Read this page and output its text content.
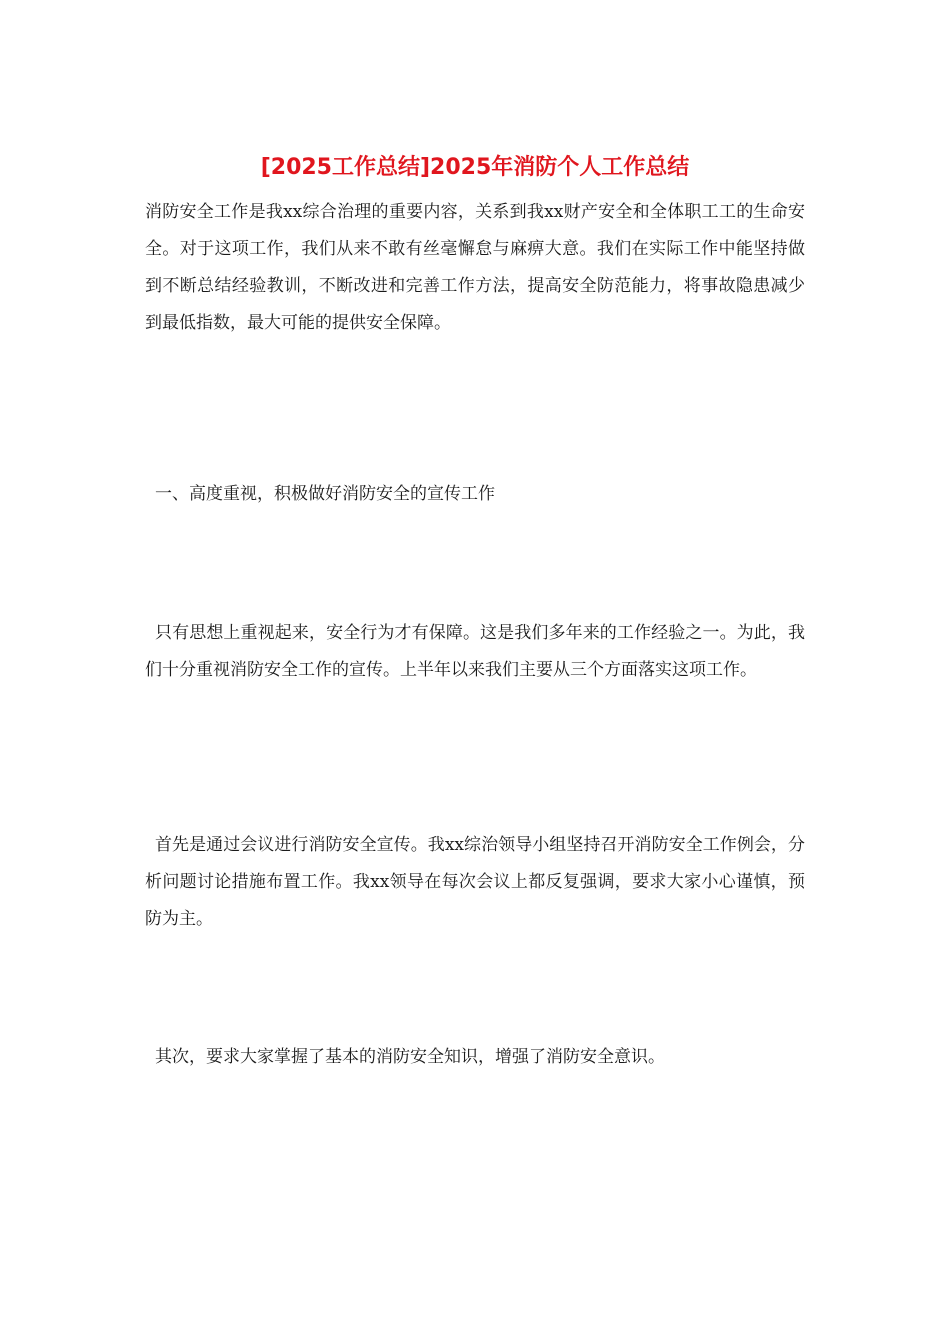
[2025工作总结]2025年消防个人工作总结

消防安全工作是我xx综合治理的重要内容，关系到我xx财产安全和全体职工工的生命安全。对于这项工作，我们从来不敢有丝毫懈怠与麻痹大意。我们在实际工作中能坚持做到不断总结经验教训，不断改进和完善工作方法，提高安全防范能力，将事故隐患减少到最低指数，最大可能的提供安全保障。

一、高度重视，积极做好消防安全的宣传工作

只有思想上重视起来，安全行为才有保障。这是我们多年来的工作经验之一。为此，我们十分重视消防安全工作的宣传。上半年以来我们主要从三个方面落实这项工作。

首先是通过会议进行消防安全宣传。我xx综治领导小组坚持召开消防安全工作例会，分析问题讨论措施布置工作。我xx领导在每次会议上都反复强调，要求大家小心谨慎，预防为主。

其次，要求大家掌握了基本的消防安全知识，增强了消防安全意识。
